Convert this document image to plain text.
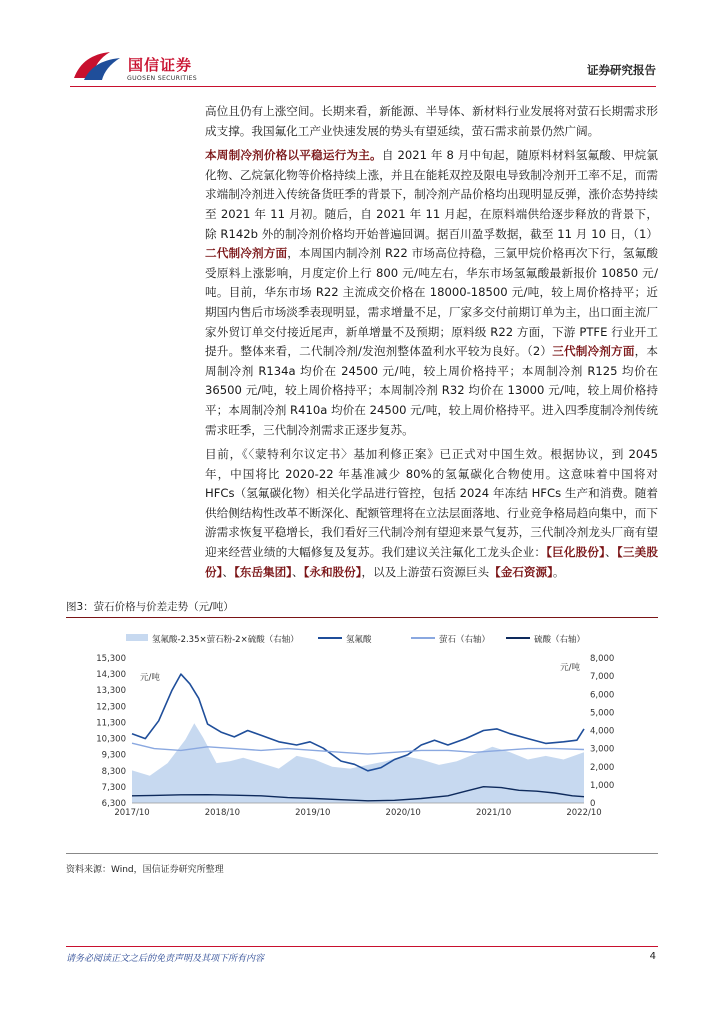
国信证券
GUOSEN SECURITIES
证券研究报告

高位且仍有上涨空间。长期来看，新能源、半导体、新材料行业发展将对萤石长期需求形成支撑。我国氟化工产业快速发展的势头有望延续，萤石需求前景仍然广阔。

本周制冷剂价格以平稳运行为主。自 2021 年 8 月中旬起，随原料材料氢氟酸、甲烷氯化物、乙烷氯化物等价格持续上涨，并且在能耗双控及限电导致制冷剂开工率不足，而需求端制冷剂进入传统备货旺季的背景下，制冷剂产品价格均出现明显反弹，涨价态势持续至 2021 年 11 月初。随后，自 2021 年 11 月起，在原料端供给逐步释放的背景下，除 R142b 外的制冷剂价格均开始普遍回调。据百川盈孚数据，截至 11 月 10 日，（1）二代制冷剂方面，本周国内制冷剂 R22 市场高位持稳，三氯甲烷价格再次下行，氢氟酸受原料上涨影响，月度定价上行 800 元/吨左右，华东市场氢氟酸最新报价 10850 元/吨。目前，华东市场 R22 主流成交价格在 18000-18500 元/吨，较上周价格持平；近期国内售后市场淡季表现明显，需求增量不足，厂家多交付前期订单为主，出口面主流厂家外贸订单交付接近尾声，新单增量不及预期；原料级 R22 方面，下游 PTFE 行业开工提升。整体来看，二代制冷剂/发泡剂整体盈利水平较为良好。（2）三代制冷剂方面，本周制冷剂 R134a 均价在 24500 元/吨，较上周价格持平；本周制冷剂 R125 均价在 36500 元/吨，较上周价格持平；本周制冷剂 R32 均价在 13000 元/吨，较上周价格持平；本周制冷剂 R410a 均价在 24500 元/吨，较上周价格持平。进入四季度制冷剂传统需求旺季，三代制冷剂需求正逐步复苏。

目前，《〈蒙特利尔议定书〉基加利修正案》已正式对中国生效。根据协议，到 2045 年，中国将比 2020-22 年基准减少 80%的氢氟碳化合物使用。这意味着中国将对 HFCs（氢氟碳化物）相关化学品进行管控，包括 2024 年冻结 HFCs 生产和消费。随着供给侧结构性改革不断深化、配额管理将在立法层面落地、行业竞争格局趋向集中，而下游需求恢复平稳增长，我们看好三代制冷剂有望迎来景气复苏，三代制冷剂龙头厂商有望迎来经营业绩的大幅修复及复苏。我们建议关注氟化工龙头企业：【巨化股份】、【三美股份】、【东岳集团】、【永和股份】，以及上游萤石资源巨头【金石资源】。

图3：萤石价格与价差走势（元/吨）
氢氟酸-2.35×萤石粉-2×硫酸（右轴）	氢氟酸	萤石（右轴）	硫酸（右轴）
15,300
14,300
13,300
12,300
11,300
10,300
9,300
8,300
7,300
6,300
8,000
7,000
6,000
5,000
4,000
3,000
2,000
1,000
0
2017/10	2018/10	2019/10	2020/10	2021/10	2022/10
元/吨
元/吨
资料来源：Wind，国信证券研究所整理
请务必阅读正文之后的免责声明及其项下所有内容	4
